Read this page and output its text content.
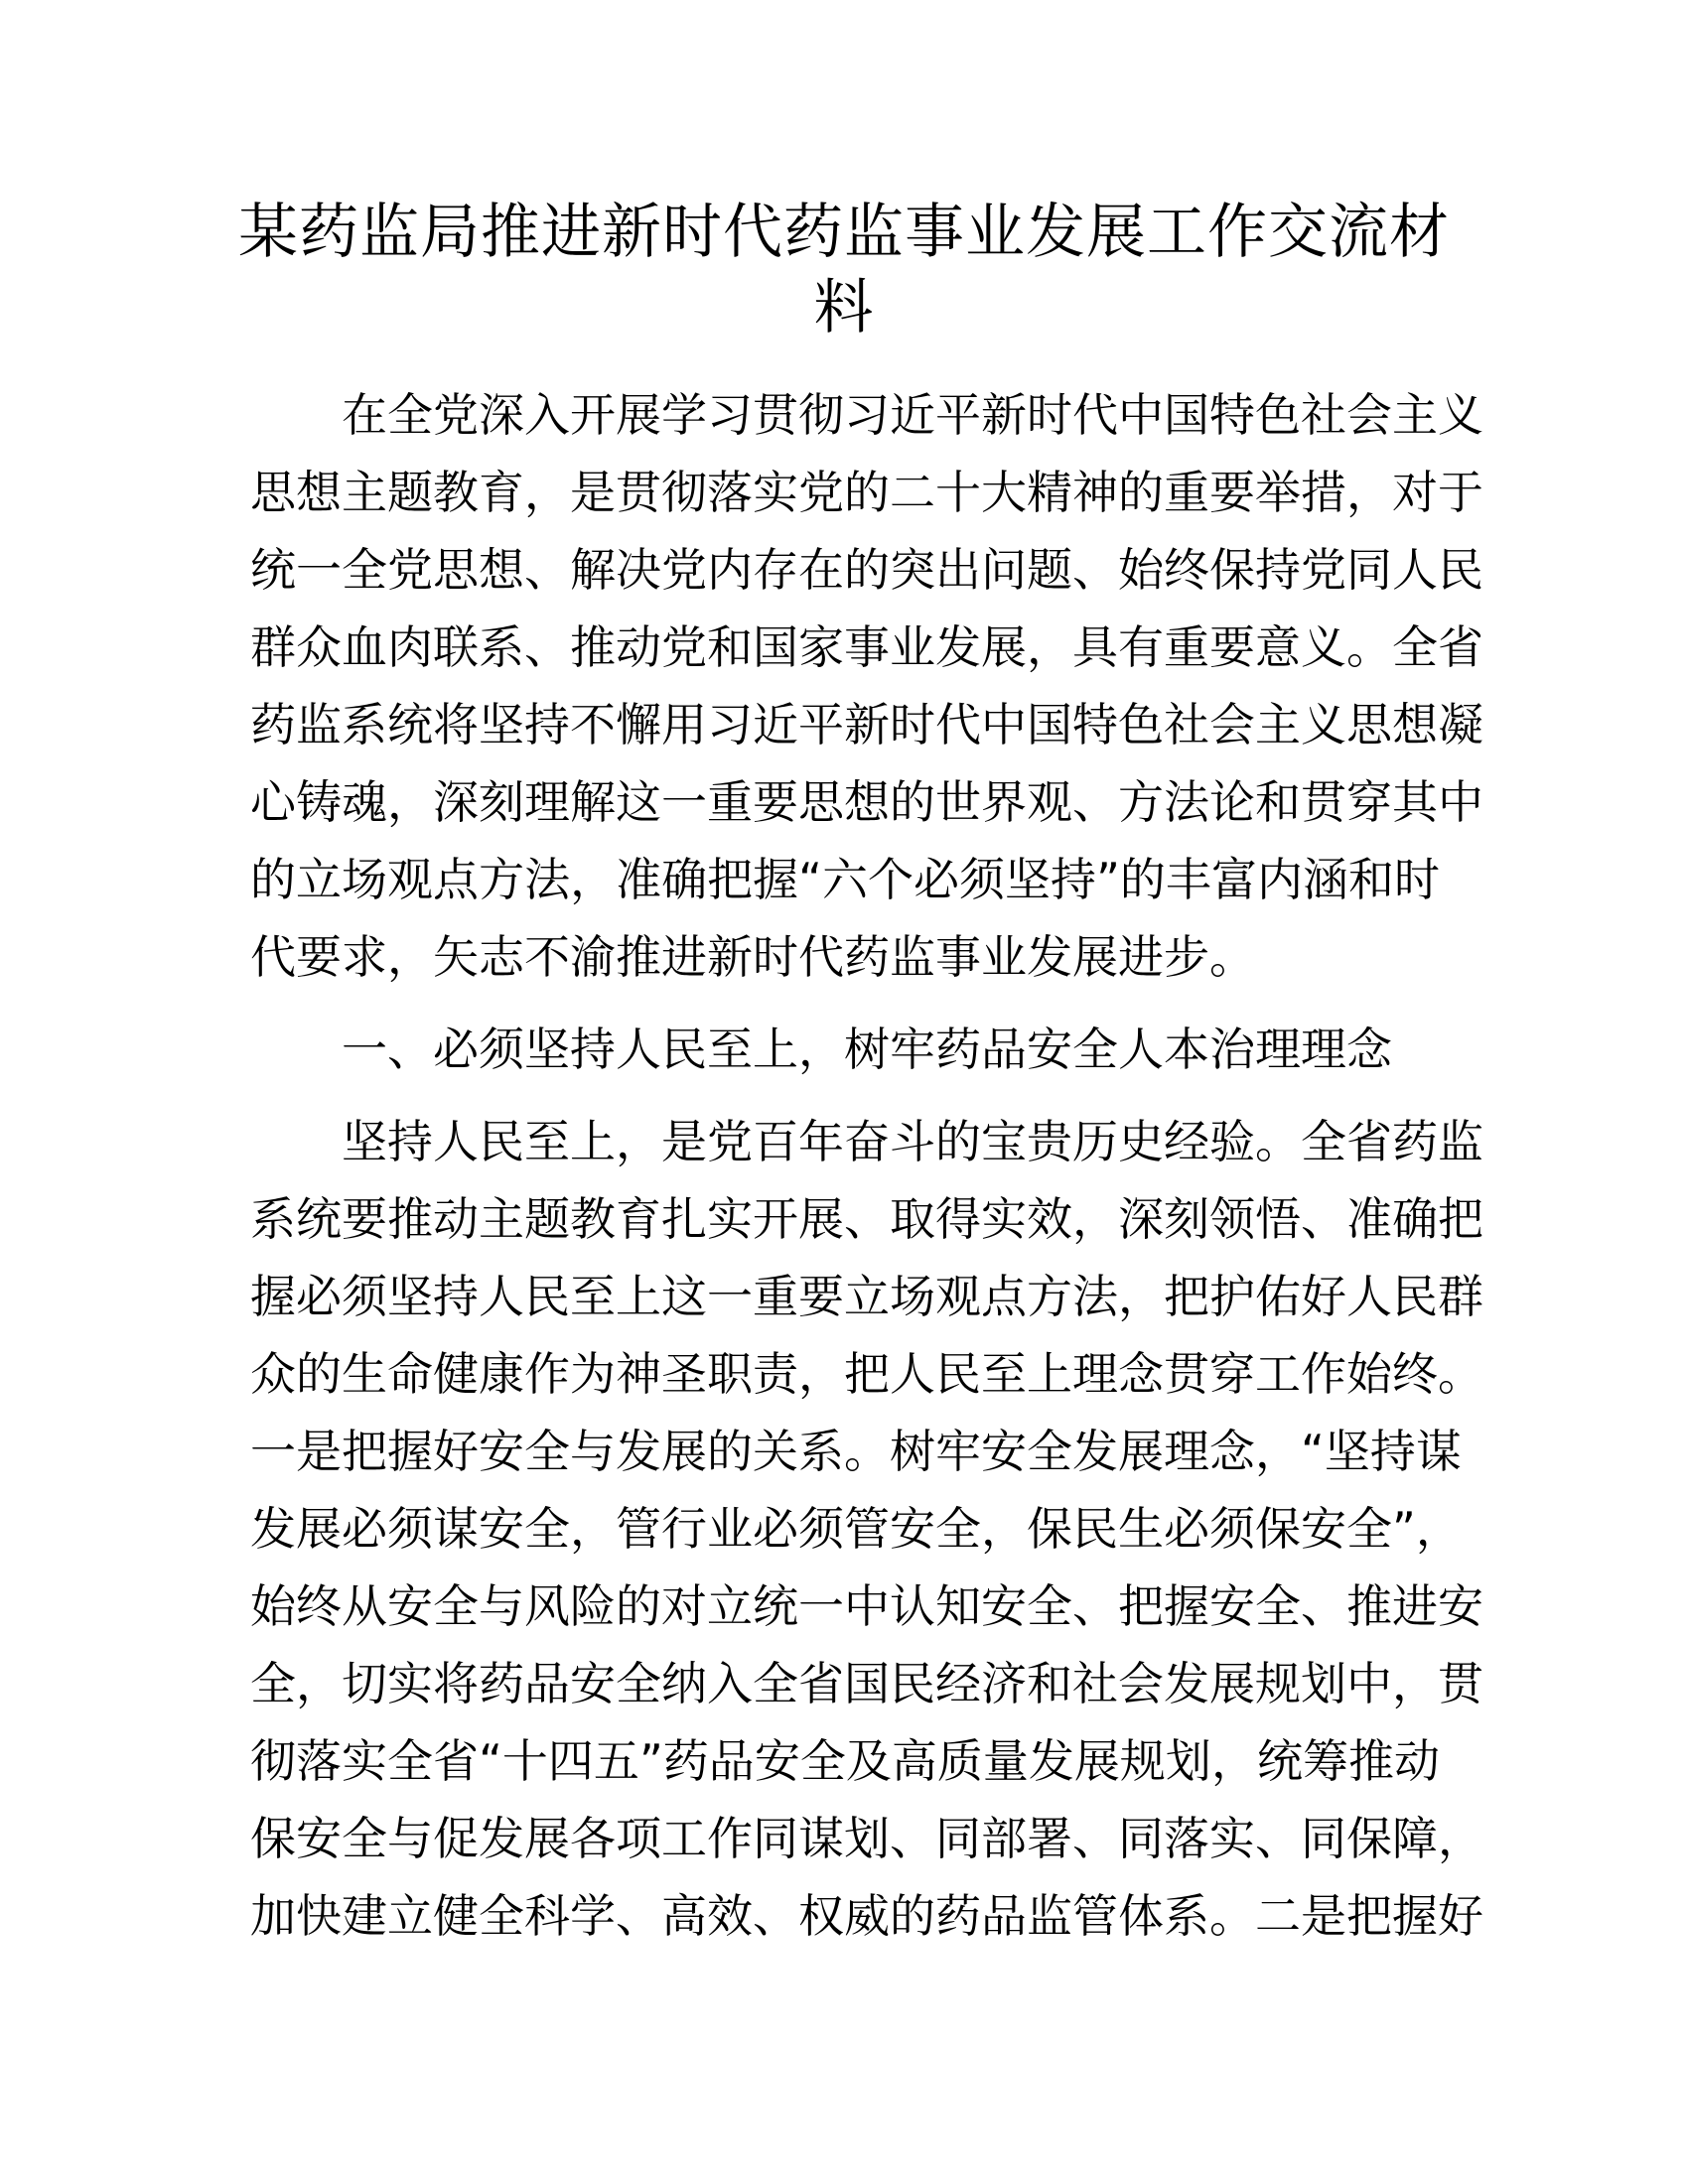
某药监局推进新时代药监事业发展工作交流材
料
在全党深入开展学习贯彻习近平新时代中国特色社会主义
思想主题教育，是贯彻落实党的二十大精神的重要举措，对于
统一全党思想、解决党内存在的突出问题、始终保持党同人民
群众血肉联系、推动党和国家事业发展，具有重要意义。全省
药监系统将坚持不懈用习近平新时代中国特色社会主义思想凝
心铸魂，深刻理解这一重要思想的世界观、方法论和贯穿其中
的立场观点方法，准确把握“六个必须坚持”的丰富内涵和时
代要求，矢志不渝推进新时代药监事业发展进步。
一、必须坚持人民至上，树牢药品安全人本治理理念
坚持人民至上，是党百年奋斗的宝贵历史经验。全省药监
系统要推动主题教育扎实开展、取得实效，深刻领悟、准确把
握必须坚持人民至上这一重要立场观点方法，把护佑好人民群
众的生命健康作为神圣职责，把人民至上理念贯穿工作始终。
一是把握好安全与发展的关系。树牢安全发展理念，“坚持谋
发展必须谋安全，管行业必须管安全，保民生必须保安全”，
始终从安全与风险的对立统一中认知安全、把握安全、推进安
全，切实将药品安全纳入全省国民经济和社会发展规划中，贯
彻落实全省“十四五”药品安全及高质量发展规划，统筹推动
保安全与促发展各项工作同谋划、同部署、同落实、同保障，
加快建立健全科学、高效、权威的药品监管体系。二是把握好
